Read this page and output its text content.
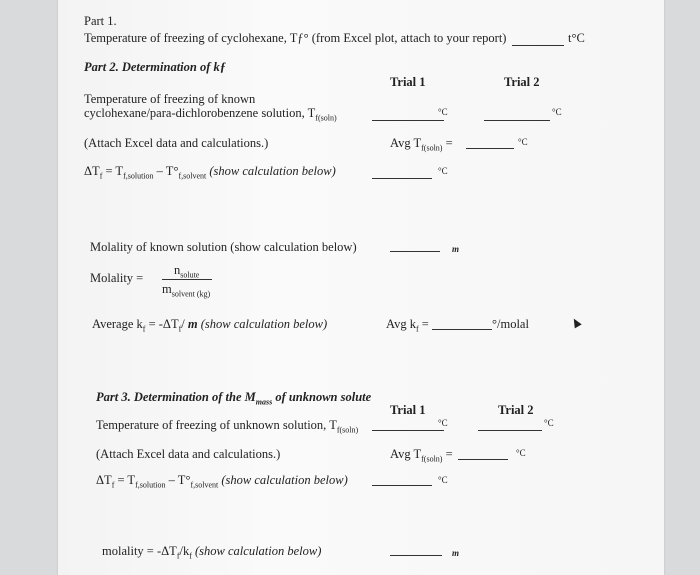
Part 1.
Temperature of freezing of cyclohexane, Tƒ° (from Excel plot, attach to your report)	t°C
Part 2. Determination of kƒ
Trial 1	Trial 2
Temperature of freezing of known
cyclohexane/para-dichlorobenzene solution, $T_{f(soln)}$
°C	°C
(Attach Excel data and calculations.)	Avg $T_{f(soln)}$ =	°C
$\Delta T_f = T_{f,solution} - T^\circ_{f,solvent}$ (show calculation below)	°C
Molality of known solution (show calculation below)	m
Molality =
$n_{solute}$
$m_{solvent (kg)}$
Average $k_f = -\Delta T_f/$ m (show calculation below)	Avg $k_f$ =	°/molal
Part 3. Determination of the $M_{mass}$ of unknown solute
Trial 1	Trial 2
Temperature of freezing of unknown solution, $T_{f(soln)}$
°C	°C
(Attach Excel data and calculations.)	Avg $T_{f(soln)}$ =	°C
$\Delta T_f = T_{f,solution} - T^\circ_{f,solvent}$ (show calculation below)	°C
molality = $-\Delta T_f/k_f$ (show calculation below)	m
